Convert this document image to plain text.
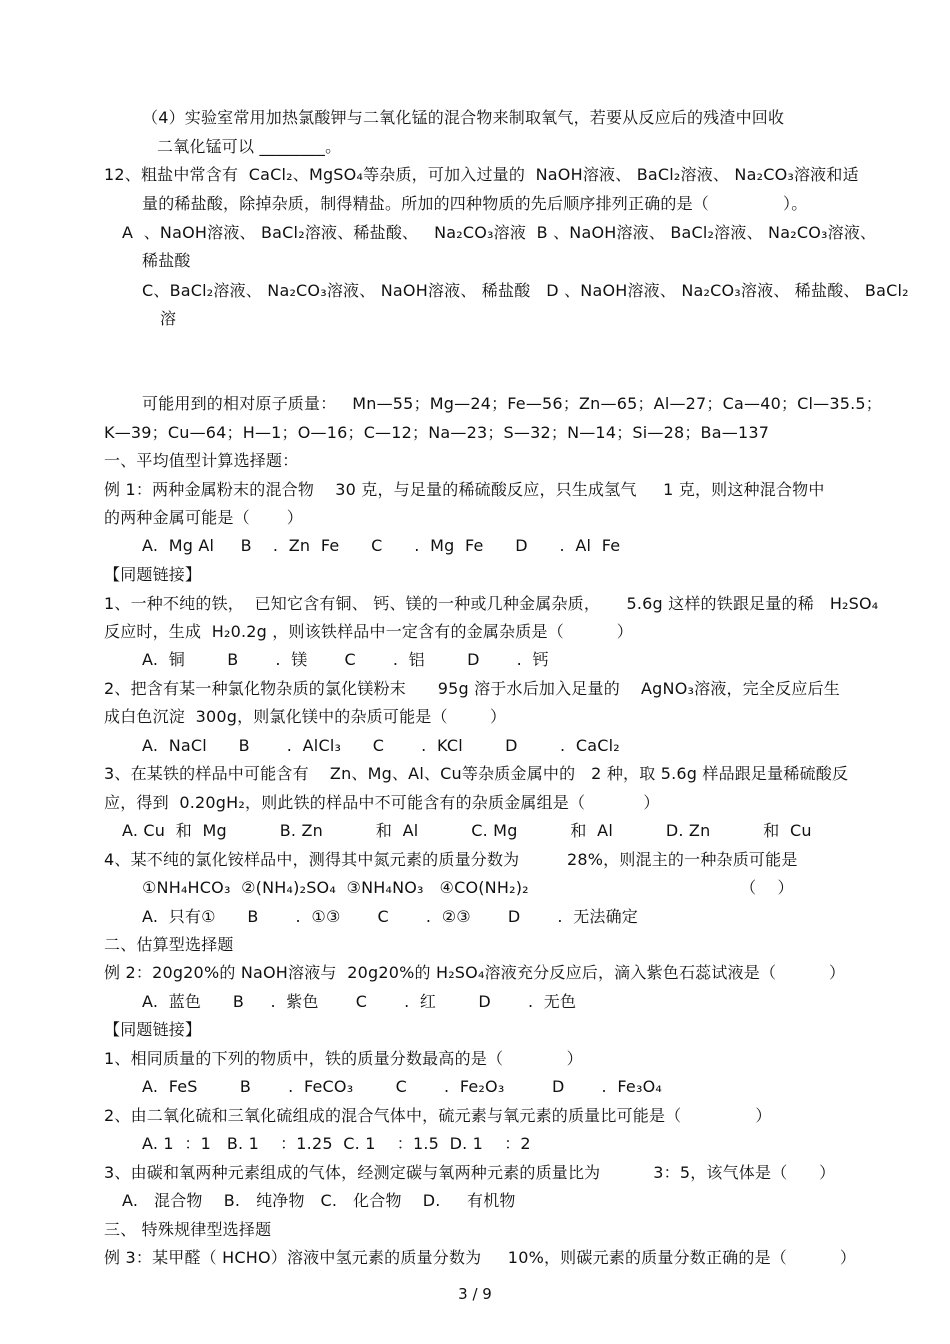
（4）实验室常用加热氯酸钾与二氧化锰的混合物来制取氧气，若要从反应后的残渣中回收
二氧化锰可以 ________。
12、粗盐中常含有  CaCl₂、MgSO₄等杂质，可加入过量的  NaOH溶液、 BaCl₂溶液、 Na₂CO₃溶液和适
量的稀盐酸，除掉杂质，制得精盐。所加的四种物质的先后顺序排列正确的是（              ）。
A  、NaOH溶液、 BaCl₂溶液、稀盐酸、   Na₂CO₃溶液  B 、NaOH溶液、 BaCl₂溶液、 Na₂CO₃溶液、
稀盐酸
C、BaCl₂溶液、 Na₂CO₃溶液、 NaOH溶液、 稀盐酸   D 、NaOH溶液、 Na₂CO₃溶液、 稀盐酸、 BaCl₂
溶
可能用到的相对原子质量：   Mn—55；Mg—24；Fe—56；Zn—65；Al—27；Ca—40；Cl—35.5；
K—39；Cu—64；H—1；O—16；C—12；Na—23；S—32；N—14；Si—28；Ba—137
一、平均值型计算选择题：
例 1：两种金属粉末的混合物    30 克，与足量的稀硫酸反应，只生成氢气     1 克，则这种混合物中
的两种金属可能是（       ）
A.  Mg Al     B    .  Zn  Fe      C      .  Mg  Fe      D      .  Al  Fe
【同题链接】
1、一种不纯的铁，  已知它含有铜、 钙、镁的一种或几种金属杂质，     5.6g 这样的铁跟足量的稀   H₂SO₄
反应时，生成  H₂0.2g ，则该铁样品中一定含有的金属杂质是（          ）
A.  铜        B       .  镁       C       .  铝        D       .  钙
2、把含有某一种氯化物杂质的氯化镁粉末      95g 溶于水后加入足量的    AgNO₃溶液，完全反应后生
成白色沉淀  300g，则氯化镁中的杂质可能是（        ）
A.  NaCl      B       .  AlCl₃      C       .  KCl        D        .  CaCl₂
3、在某铁的样品中可能含有    Zn、Mg、Al、Cu等杂质金属中的   2 种，取 5.6g 样品跟足量稀硫酸反
应，得到  0.20gH₂，则此铁的样品中不可能含有的杂质金属组是（           ）
A. Cu  和  Mg          B. Zn          和  Al          C. Mg          和  Al          D. Zn          和  Cu
4、某不纯的氯化铵样品中，测得其中氮元素的质量分数为         28%，则混主的一种杂质可能是
①NH₄HCO₃  ②(NH₄)₂SO₄  ③NH₄NO₃   ④CO(NH₂)₂                                        （    ）
A.  只有①      B       .  ①③       C       .  ②③       D       .  无法确定
二、估算型选择题
例 2：20g20%的 NaOH溶液与  20g20%的 H₂SO₄溶液充分反应后，滴入紫色石蕊试液是（          ）
A.  蓝色      B     .  紫色       C       .  红        D       .  无色
【同题链接】
1、相同质量的下列的物质中，铁的质量分数最高的是（            ）
A.  FeS        B       .  FeCO₃        C       .  Fe₂O₃         D       .  Fe₃O₄
2、由二氧化硫和三氧化硫组成的混合气体中，硫元素与氧元素的质量比可能是（              ）
A. 1  ：1   B. 1    ：1.25  C. 1    ：1.5  D. 1    ：2
3、由碳和氧两种元素组成的气体，经测定碳与氧两种元素的质量比为          3：5，该气体是（      ）
A.   混合物    B.   纯净物   C.   化合物    D.     有机物
三、 特殊规律型选择题
例 3：某甲醛（ HCHO）溶液中氢元素的质量分数为     10%，则碳元素的质量分数正确的是（          ）
3 / 9
